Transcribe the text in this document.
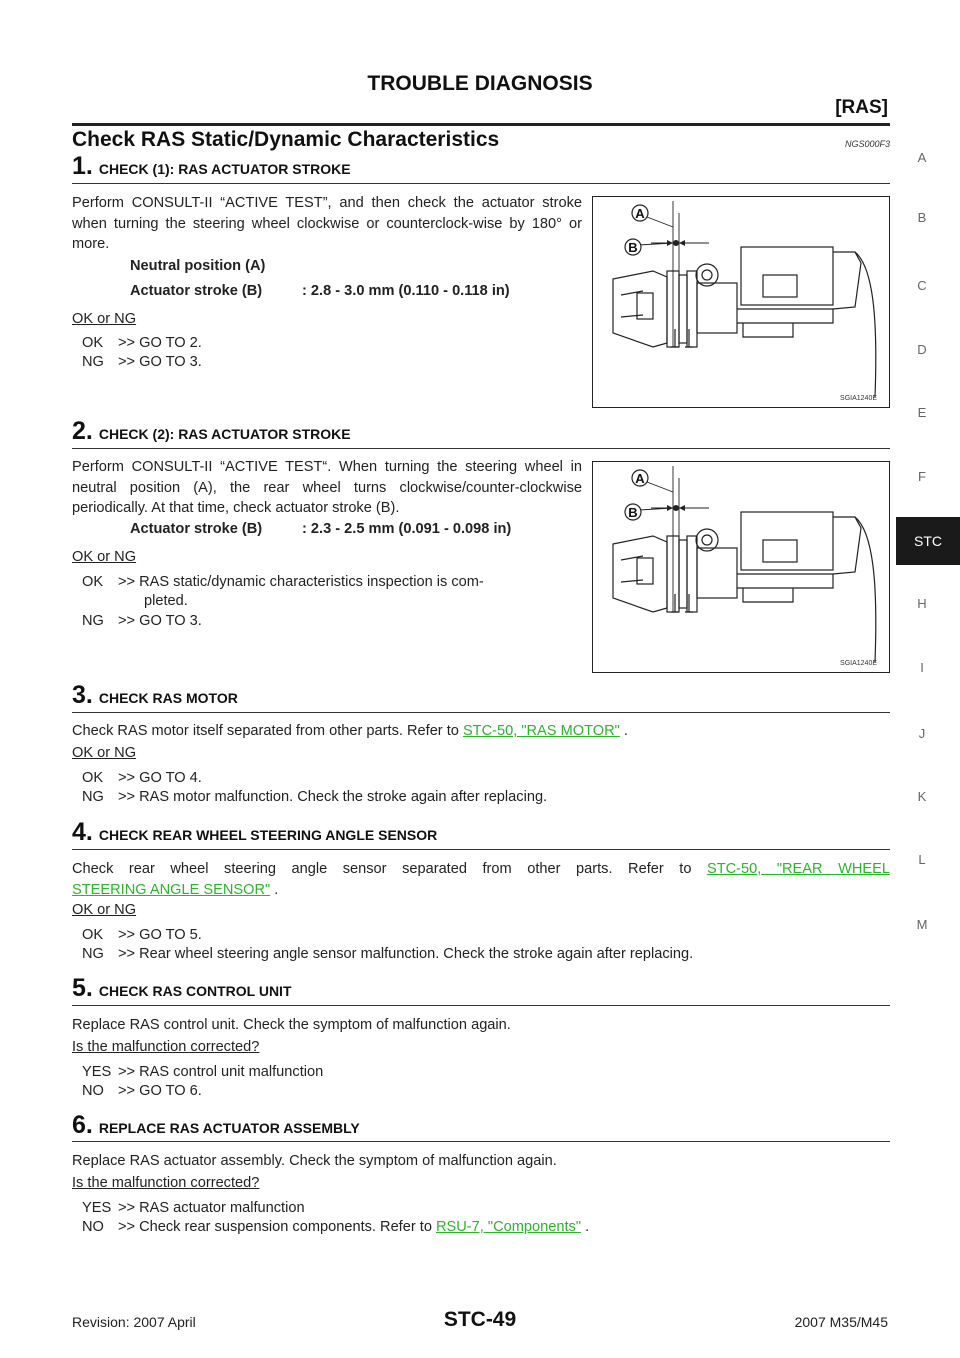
TROUBLE DIAGNOSIS
[RAS]
Check RAS Static/Dynamic Characteristics	NGS000F3
A
B
C
D
E
F
STC
H
I
J
K
L
M
1. CHECK (1): RAS ACTUATOR STROKE
Perform CONSULT-II “ACTIVE TEST”, and then check the actuator stroke when turning the steering wheel clockwise or counterclock-wise by 180° or more.
Neutral position (A)
Actuator stroke (B)	: 2.8 - 3.0 mm (0.110 - 0.118 in)
OK or NG
OK >> GO TO 2.
NG >> GO TO 3.
A
B
SGIA1240E
2. CHECK (2): RAS ACTUATOR STROKE
Perform CONSULT-II “ACTIVE TEST“. When turning the steering wheel in neutral position (A), the rear wheel turns clockwise/counter-clockwise periodically. At that time, check actuator stroke (B).
Actuator stroke (B)	: 2.3 - 2.5 mm (0.091 - 0.098 in)
OK or NG
OK >> RAS static/dynamic characteristics inspection is com-
pleted.
NG >> GO TO 3.
A
B
SGIA1240E
3. CHECK RAS MOTOR
Check RAS motor itself separated from other parts. Refer to STC-50, "RAS MOTOR" .
OK or NG
OK >> GO TO 4.
NG >> RAS motor malfunction. Check the stroke again after replacing.
4. CHECK REAR WHEEL STEERING ANGLE SENSOR
Check rear wheel steering angle sensor separated from other parts. Refer to STC-50, "REAR WHEEL
STEERING ANGLE SENSOR" .
OK or NG
OK >> GO TO 5.
NG >> Rear wheel steering angle sensor malfunction. Check the stroke again after replacing.
5. CHECK RAS CONTROL UNIT
Replace RAS control unit. Check the symptom of malfunction again.
Is the malfunction corrected?
YES >> RAS control unit malfunction
NO >> GO TO 6.
6. REPLACE RAS ACTUATOR ASSEMBLY
Replace RAS actuator assembly. Check the symptom of malfunction again.
Is the malfunction corrected?
YES >> RAS actuator malfunction
NO >> Check rear suspension components. Refer to RSU-7, "Components" .
Revision: 2007 April	STC-49	2007 M35/M45
